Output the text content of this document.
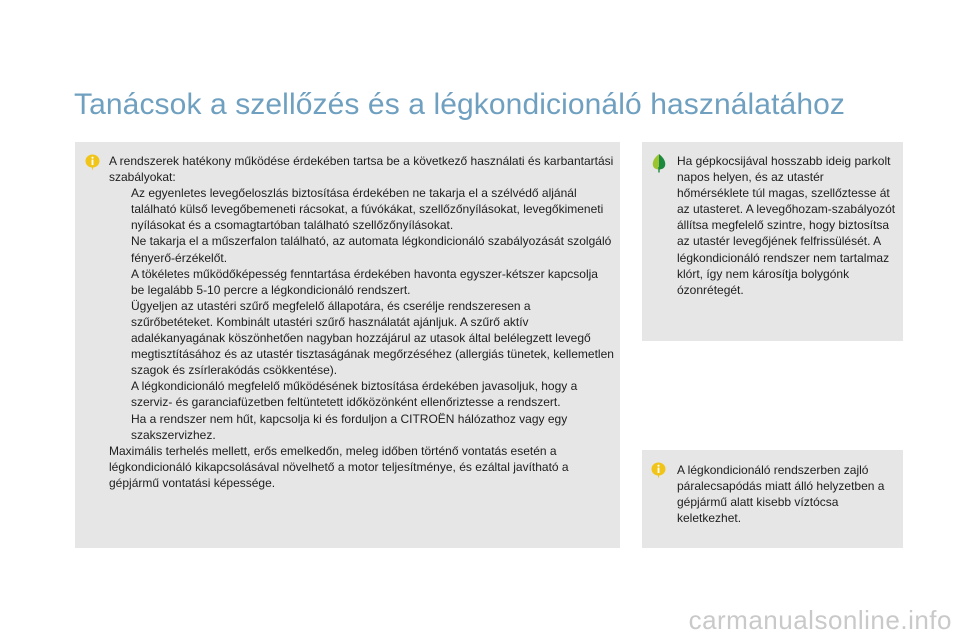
Tanácsok a szellőzés és a légkondicionáló használatához

A rendszerek hatékony működése érdekében tartsa be a következő használati és karbantartási szabályokat:

Az egyenletes levegőeloszlás biztosítása érdekében ne takarja el a szélvédő aljánál található külső levegőbemeneti rácsokat, a fúvókákat, szellőzőnyílásokat, levegőkimeneti nyílásokat és a csomagtartóban található szellőzőnyílásokat.
Ne takarja el a műszerfalon található, az automata légkondicionáló szabályozását szolgáló fényerő-érzékelőt.
A tökéletes működőképesség fenntartása érdekében havonta egyszer-kétszer kapcsolja be legalább 5-10 percre a légkondicionáló rendszert.
Ügyeljen az utastéri szűrő megfelelő állapotára, és cserélje rendszeresen a szűrőbetéteket. Kombinált utastéri szűrő használatát ajánljuk. A szűrő aktív adalékanyagának köszönhetően nagyban hozzájárul az utasok által belélegzett levegő megtisztításához és az utastér tisztaságának megőrzéséhez (allergiás tünetek, kellemetlen szagok és zsírlerakódás csökkentése).
A légkondicionáló megfelelő működésének biztosítása érdekében javasoljuk, hogy a szerviz- és garanciafüzetben feltüntetett időközönként ellenőriztesse a rendszert.
Ha a rendszer nem hűt, kapcsolja ki és forduljon a CITROËN hálózathoz vagy egy szakszervizhez.

Maximális terhelés mellett, erős emelkedőn, meleg időben történő vontatás esetén a légkondicionáló kikapcsolásával növelhető a motor teljesítménye, és ezáltal javítható a gépjármű vontatási képessége.

Ha gépkocsijával hosszabb ideig parkolt napos helyen, és az utastér hőmérséklete túl magas, szellőztesse át az utasteret. A levegőhozam-szabályozót állítsa megfelelő szintre, hogy biztosítsa az utastér levegőjének felfrissülését. A légkondicionáló rendszer nem tartalmaz klórt, így nem károsítja bolygónk ózonrétegét.
A légkondicionáló rendszerben zajló páralecsapódás miatt álló helyzetben a gépjármű alatt kisebb víztócsa keletkezhet.
carmanualsonline.info
